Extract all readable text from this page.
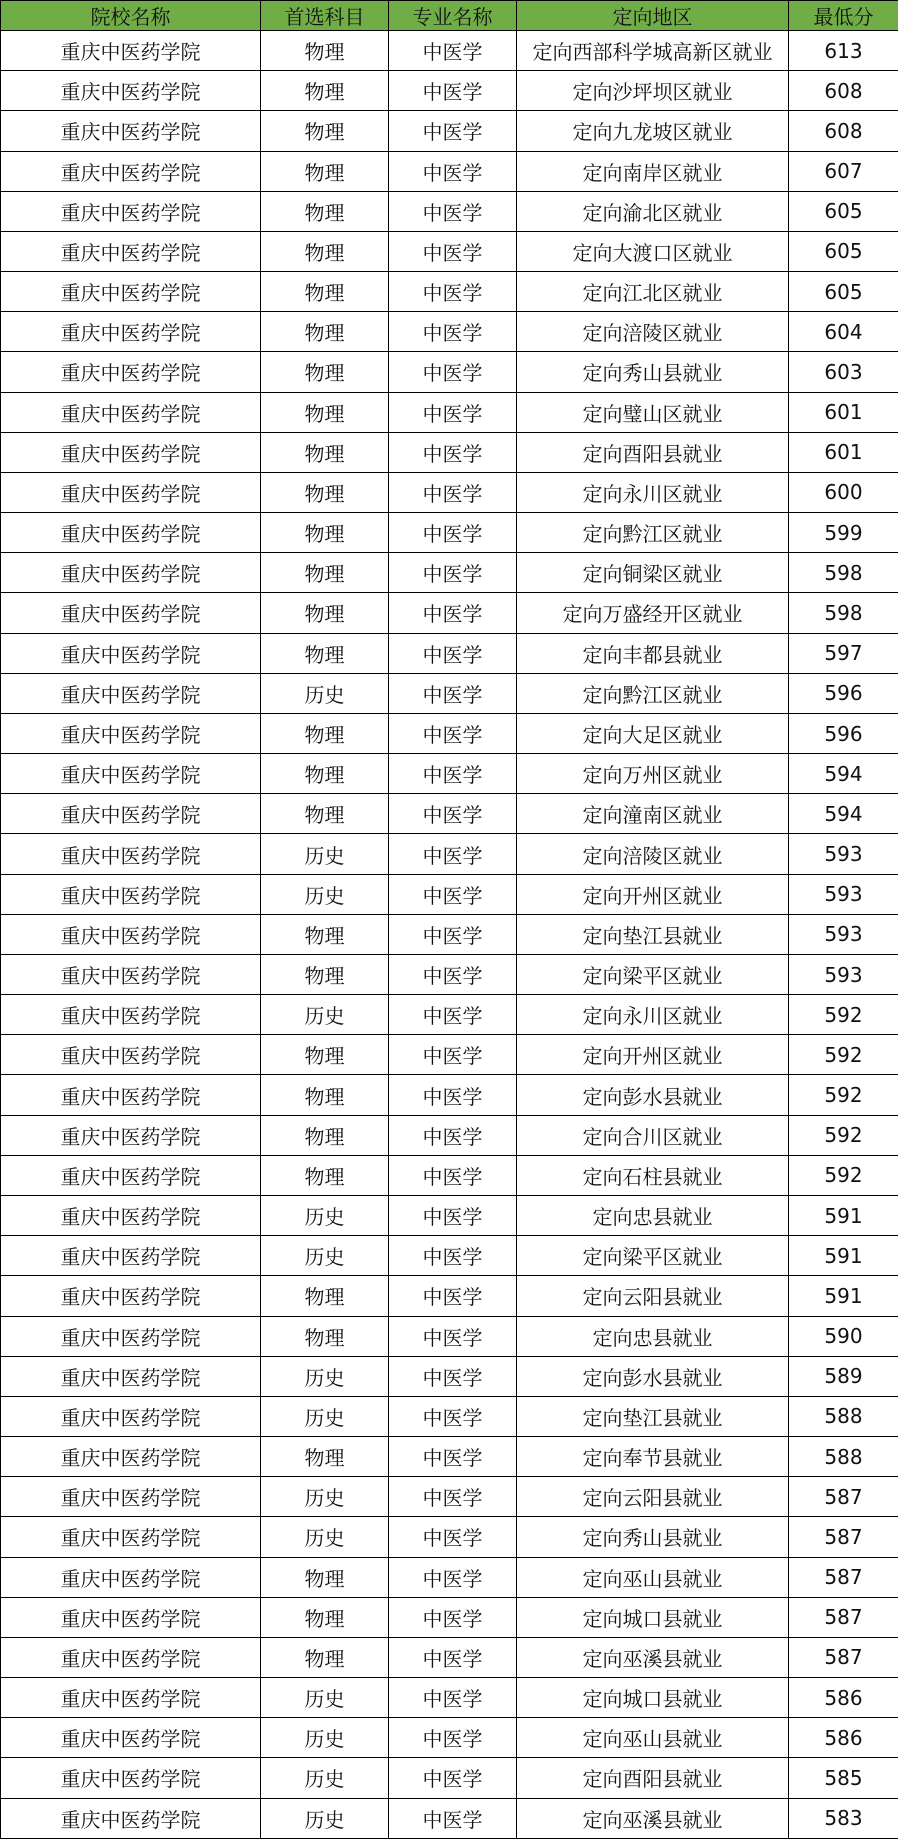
院校名称	首选科目	专业名称	定向地区	最低分
重庆中医药学院	物理	中医学	定向西部科学城高新区就业	613
重庆中医药学院	物理	中医学	定向沙坪坝区就业	608
重庆中医药学院	物理	中医学	定向九龙坡区就业	608
重庆中医药学院	物理	中医学	定向南岸区就业	607
重庆中医药学院	物理	中医学	定向渝北区就业	605
重庆中医药学院	物理	中医学	定向大渡口区就业	605
重庆中医药学院	物理	中医学	定向江北区就业	605
重庆中医药学院	物理	中医学	定向涪陵区就业	604
重庆中医药学院	物理	中医学	定向秀山县就业	603
重庆中医药学院	物理	中医学	定向璧山区就业	601
重庆中医药学院	物理	中医学	定向酉阳县就业	601
重庆中医药学院	物理	中医学	定向永川区就业	600
重庆中医药学院	物理	中医学	定向黔江区就业	599
重庆中医药学院	物理	中医学	定向铜梁区就业	598
重庆中医药学院	物理	中医学	定向万盛经开区就业	598
重庆中医药学院	物理	中医学	定向丰都县就业	597
重庆中医药学院	历史	中医学	定向黔江区就业	596
重庆中医药学院	物理	中医学	定向大足区就业	596
重庆中医药学院	物理	中医学	定向万州区就业	594
重庆中医药学院	物理	中医学	定向潼南区就业	594
重庆中医药学院	历史	中医学	定向涪陵区就业	593
重庆中医药学院	历史	中医学	定向开州区就业	593
重庆中医药学院	物理	中医学	定向垫江县就业	593
重庆中医药学院	物理	中医学	定向梁平区就业	593
重庆中医药学院	历史	中医学	定向永川区就业	592
重庆中医药学院	物理	中医学	定向开州区就业	592
重庆中医药学院	物理	中医学	定向彭水县就业	592
重庆中医药学院	物理	中医学	定向合川区就业	592
重庆中医药学院	物理	中医学	定向石柱县就业	592
重庆中医药学院	历史	中医学	定向忠县就业	591
重庆中医药学院	历史	中医学	定向梁平区就业	591
重庆中医药学院	物理	中医学	定向云阳县就业	591
重庆中医药学院	物理	中医学	定向忠县就业	590
重庆中医药学院	历史	中医学	定向彭水县就业	589
重庆中医药学院	历史	中医学	定向垫江县就业	588
重庆中医药学院	物理	中医学	定向奉节县就业	588
重庆中医药学院	历史	中医学	定向云阳县就业	587
重庆中医药学院	历史	中医学	定向秀山县就业	587
重庆中医药学院	物理	中医学	定向巫山县就业	587
重庆中医药学院	物理	中医学	定向城口县就业	587
重庆中医药学院	物理	中医学	定向巫溪县就业	587
重庆中医药学院	历史	中医学	定向城口县就业	586
重庆中医药学院	历史	中医学	定向巫山县就业	586
重庆中医药学院	历史	中医学	定向酉阳县就业	585
重庆中医药学院	历史	中医学	定向巫溪县就业	583
